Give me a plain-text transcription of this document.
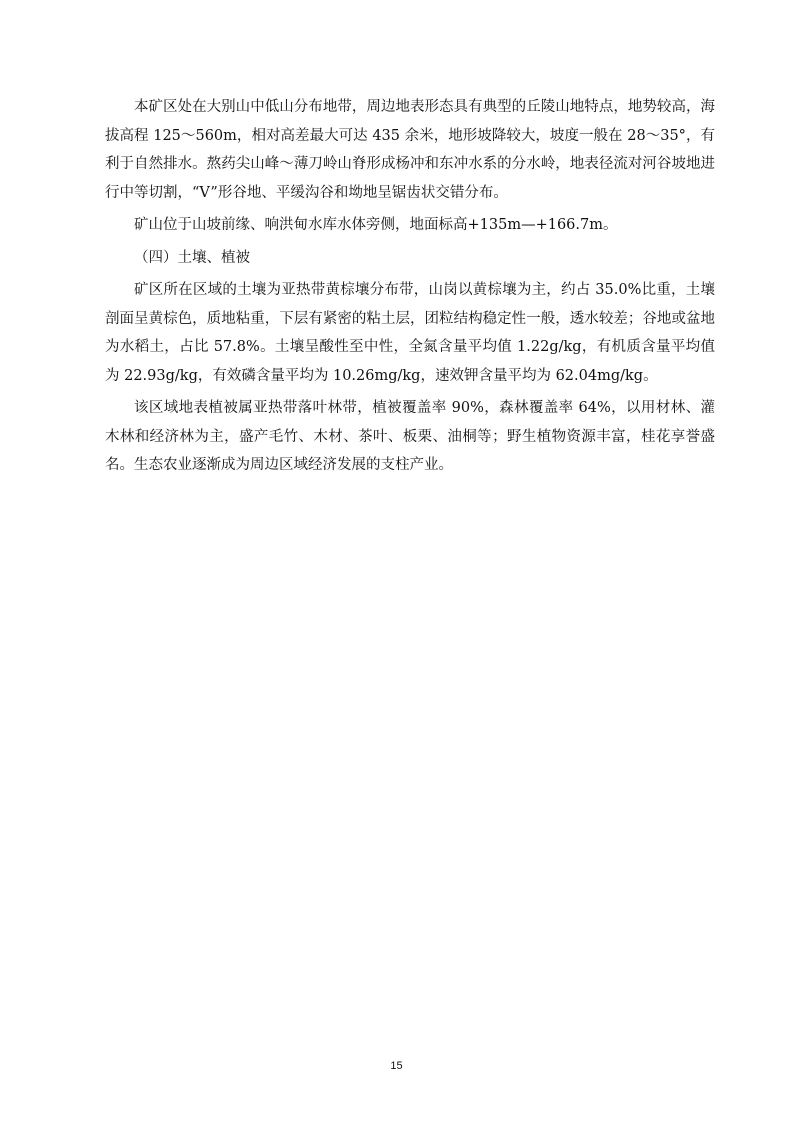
本矿区处在大别山中低山分布地带，周边地表形态具有典型的丘陵山地特点，地势较高，海拔高程 125～560m，相对高差最大可达 435 余米，地形坡降较大，坡度一般在 28～35°，有利于自然排水。熬药尖山峰～薄刀岭山脊形成杨冲和东冲水系的分水岭，地表径流对河谷坡地进行中等切割，“V”形谷地、平缓沟谷和坳地呈锯齿状交错分布。

矿山位于山坡前缘、响洪甸水库水体旁侧，地面标高+135m—+166.7m。

（四）土壤、植被

矿区所在区域的土壤为亚热带黄棕壤分布带，山岗以黄棕壤为主，约占 35.0%比重，土壤剖面呈黄棕色，质地粘重，下层有紧密的粘土层，团粒结构稳定性一般，透水较差；谷地或盆地为水稻土，占比 57.8%。土壤呈酸性至中性，全氮含量平均值 1.22g/kg，有机质含量平均值为 22.93g/kg，有效磷含量平均为 10.26mg/kg，速效钾含量平均为 62.04mg/kg。

该区域地表植被属亚热带落叶林带，植被覆盖率 90%，森林覆盖率 64%，以用材林、灌木林和经济林为主，盛产毛竹、木材、茶叶、板栗、油桐等；野生植物资源丰富，桂花享誉盛名。生态农业逐渐成为周边区域经济发展的支柱产业。

15
